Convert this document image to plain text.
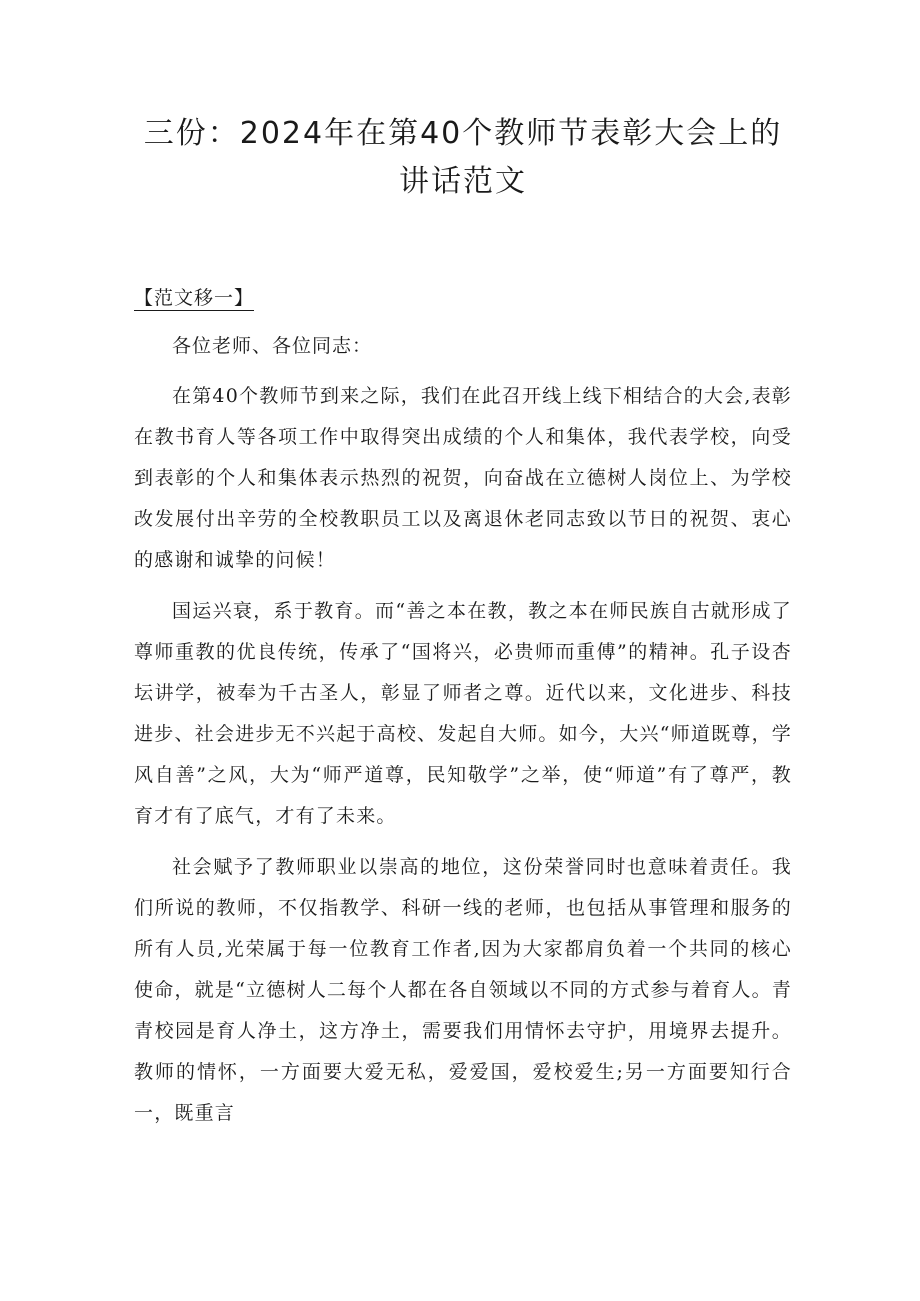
三份：2024年在第40个教师节表彰大会上的讲话范文
【范文移一】

各位老师、各位同志：

在第40个教师节到来之际，我们在此召开线上线下相结合的大会,表彰在教书育人等各项工作中取得突出成绩的个人和集体，我代表学校，向受到表彰的个人和集体表示热烈的祝贺，向奋战在立德树人岗位上、为学校改发展付出辛劳的全校教职员工以及离退休老同志致以节日的祝贺、衷心的感谢和诚挚的问候！

国运兴衰，系于教育。而“善之本在教，教之本在师民族自古就形成了尊师重教的优良传统，传承了“国将兴，必贵师而重傅”的精神。孔子设杏坛讲学，被奉为千古圣人，彰显了师者之尊。近代以来，文化进步、科技进步、社会进步无不兴起于高校、发起自大师。如今，大兴“师道既尊，学风自善”之风，大为“师严道尊，民知敬学”之举，使“师道”有了尊严，教育才有了底气，才有了未来。

社会赋予了教师职业以崇高的地位，这份荣誉同时也意味着责任。我们所说的教师，不仅指教学、科研一线的老师，也包括从事管理和服务的所有人员,光荣属于每一位教育工作者,因为大家都肩负着一个共同的核心使命，就是“立德树人二每个人都在各自领域以不同的方式参与着育人。青青校园是育人净土，这方净土，需要我们用情怀去守护，用境界去提升。教师的情怀，一方面要大爱无私，爱爱国，爱校爱生;另一方面要知行合一，既重言
